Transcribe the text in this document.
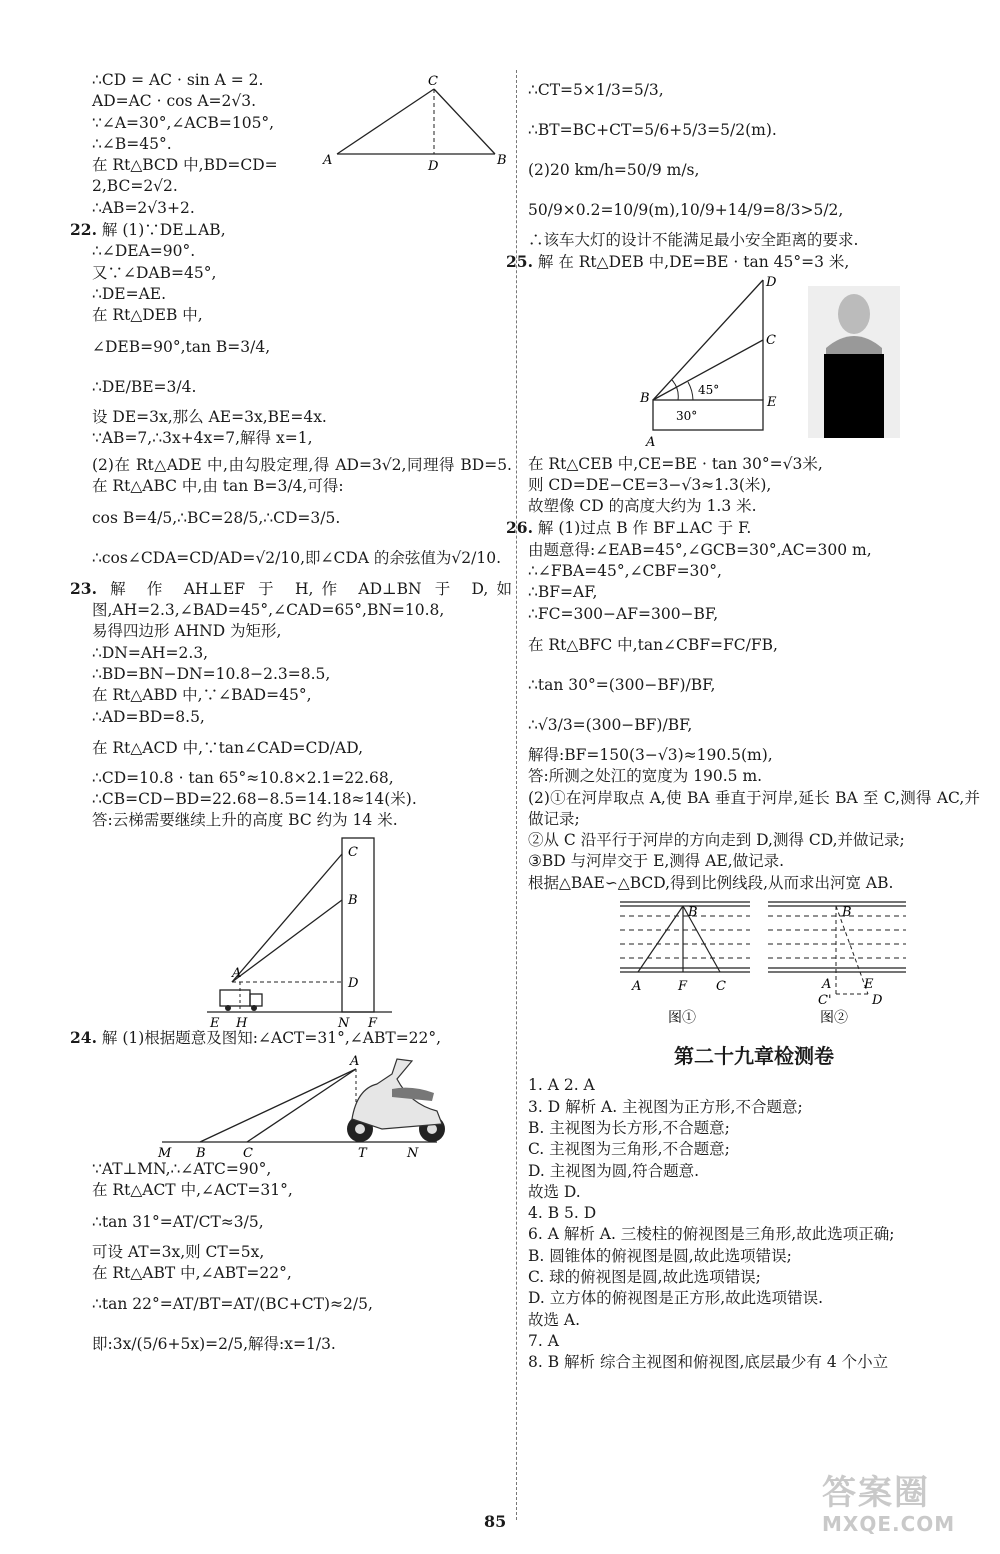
C
A	D	B
∴CD = AC · sin A = 2.
AD=AC · cos A=2√3.
∵∠A=30°,∠ACB=105°,
∴∠B=45°.
在 Rt△BCD 中,BD=CD=
2,BC=2√2.
∴AB=2√3+2.
22. 解 (1)∵DE⊥AB,
∴∠DEA=90°.
又∵∠DAB=45°,
∴DE=AE.
在 Rt△DEB 中,
∠DEB=90°,tan B=3/4,
∴DE/BE=3/4.
设 DE=3x,那么 AE=3x,BE=4x.
∵AB=7,∴3x+4x=7,解得 x=1,
(2)在 Rt△ADE 中,由勾股定理,得 AD=3√2,同理得 BD=5.在 Rt△ABC 中,由 tan B=3/4,可得:
cos B=4/5,∴BC=28/5,∴CD=3/5.
∴cos∠CDA=CD/AD=√2/10,即∠CDA 的余弦值为√2/10.
23. 解 作 AH⊥EF 于 H,作 AD⊥BN 于 D,如图,AH=2.3,∠BAD=45°,∠CAD=65°,BN=10.8,
易得四边形 AHND 为矩形,
∴DN=AH=2.3,
∴BD=BN−DN=10.8−2.3=8.5,
在 Rt△ABD 中,∵∠BAD=45°,
∴AD=BD=8.5,
在 Rt△ACD 中,∵tan∠CAD=CD/AD,
∴CD=10.8 · tan 65°≈10.8×2.1=22.68,
∴CB=CD−BD=22.68−8.5=14.18≈14(米).
答:云梯需要继续上升的高度 BC 约为 14 米.
C
B
A
D
E H	N F
24. 解 (1)根据题意及图知:∠ACT=31°,∠ABT=22°,
A
M B	C	T	N
∵AT⊥MN,∴∠ATC=90°,
在 Rt△ACT 中,∠ACT=31°,
∴tan 31°=AT/CT≈3/5,
可设 AT=3x,则 CT=5x,
在 Rt△ABT 中,∠ABT=22°,
∴tan 22°=AT/BT=AT/(BC+CT)≈2/5,
即:3x/(5/6+5x)=2/5,解得:x=1/3.
∴CT=5×1/3=5/3,
∴BT=BC+CT=5/6+5/3=5/2(m).
(2)20 km/h=50/9 m/s,
50/9×0.2=10/9(m),10/9+14/9=8/3>5/2,
∴该车大灯的设计不能满足最小安全距离的要求.
25. 解 在 Rt△DEB 中,DE=BE · tan 45°=3 米,
D
C
B	E
A
45°
30°
在 Rt△CEB 中,CE=BE · tan 30°=√3米,
则 CD=DE−CE=3−√3≈1.3(米),
故塑像 CD 的高度大约为 1.3 米.
26. 解 (1)过点 B 作 BF⊥AC 于 F.
由题意得:∠EAB=45°,∠GCB=30°,AC=300 m,
∴∠FBA=45°,∠CBF=30°,
∴BF=AF,
∴FC=300−AF=300−BF,
在 Rt△BFC 中,tan∠CBF=FC/FB,
∴tan 30°=(300−BF)/BF,
∴√3/3=(300−BF)/BF,
解得:BF=150(3−√3)≈190.5(m),
答:所测之处江的宽度为 190.5 m.
(2)①在河岸取点 A,使 BA 垂直于河岸,延长 BA 至 C,测得 AC,并做记录;
②从 C 沿平行于河岸的方向走到 D,测得 CD,并做记录;
③BD 与河岸交于 E,测得 AE,做记录.
根据△BAE∽△BCD,得到比例线段,从而求出河宽 AB.
B
A	F C
图①
B
A	E
C'	D
图②
第二十九章检测卷
1. A 2. A
3. D 解析 A. 主视图为正方形,不合题意;
B. 主视图为长方形,不合题意;
C. 主视图为三角形,不合题意;
D. 主视图为圆,符合题意.
故选 D.
4. B 5. D
6. A 解析 A. 三棱柱的俯视图是三角形,故此选项正确;
B. 圆锥体的俯视图是圆,故此选项错误;
C. 球的俯视图是圆,故此选项错误;
D. 立方体的俯视图是正方形,故此选项错误.
故选 A.
7. A
8. B 解析 综合主视图和俯视图,底层最少有 4 个小立
85
答案圈
MXQE.COM
